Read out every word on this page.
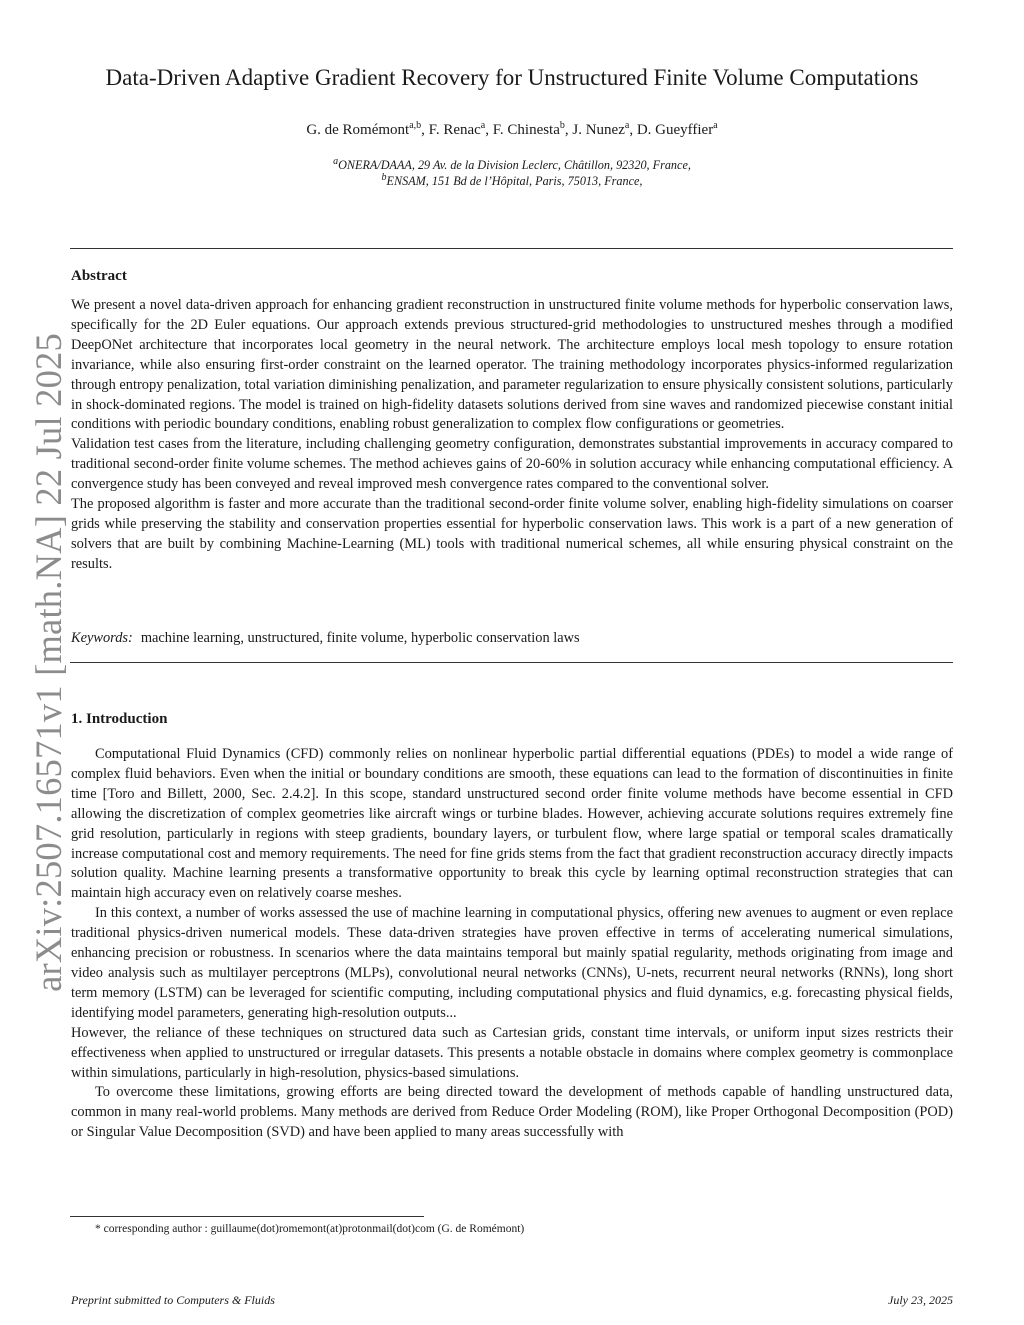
arXiv:2507.16571v1 [math.NA] 22 Jul 2025
Data-Driven Adaptive Gradient Recovery for Unstructured Finite Volume Computations
G. de Romémont$^{a,b}$, F. Renac$^a$, F. Chinesta$^b$, J. Nunez$^a$, D. Gueyffier$^a$
$^a$ONERA/DAAA, 29 Av. de la Division Leclerc, Châtillon, 92320, France,
$^b$ENSAM, 151 Bd de l’Hôpital, Paris, 75013, France,
Abstract

We present a novel data-driven approach for enhancing gradient reconstruction in unstructured finite volume methods for hyperbolic conservation laws, specifically for the 2D Euler equations. Our approach extends previous structured-grid methodologies to unstructured meshes through a modified DeepONet architecture that incorporates local geometry in the neural network. The architecture employs local mesh topology to ensure rotation invariance, while also ensuring first-order constraint on the learned operator. The training methodology incorporates physics-informed regularization through entropy penalization, total variation diminishing penalization, and parameter regularization to ensure physically consistent solutions, particularly in shock-dominated regions. The model is trained on high-fidelity datasets solutions derived from sine waves and randomized piecewise constant initial conditions with periodic boundary conditions, enabling robust generalization to complex flow configurations or geometries.

Validation test cases from the literature, including challenging geometry configuration, demonstrates substantial improvements in accuracy compared to traditional second-order finite volume schemes. The method achieves gains of 20-60% in solution accuracy while enhancing computational efficiency. A convergence study has been conveyed and reveal improved mesh convergence rates compared to the conventional solver.

The proposed algorithm is faster and more accurate than the traditional second-order finite volume solver, enabling high-fidelity simulations on coarser grids while preserving the stability and conservation properties essential for hyperbolic conservation laws. This work is a part of a new generation of solvers that are built by combining Machine-Learning (ML) tools with traditional numerical schemes, all while ensuring physical constraint on the results.

Keywords: machine learning, unstructured, finite volume, hyperbolic conservation laws
1. Introduction

Computational Fluid Dynamics (CFD) commonly relies on nonlinear hyperbolic partial differential equations (PDEs) to model a wide range of complex fluid behaviors. Even when the initial or boundary conditions are smooth, these equations can lead to the formation of discontinuities in finite time [Toro and Billett, 2000, Sec. 2.4.2]. In this scope, standard unstructured second order finite volume methods have become essential in CFD allowing the discretization of complex geometries like aircraft wings or turbine blades. However, achieving accurate solutions requires extremely fine grid resolution, particularly in regions with steep gradients, boundary layers, or turbulent flow, where large spatial or temporal scales dramatically increase computational cost and memory requirements. The need for fine grids stems from the fact that gradient reconstruction accuracy directly impacts solution quality. Machine learning presents a transformative opportunity to break this cycle by learning optimal reconstruction strategies that can maintain high accuracy even on relatively coarse meshes.

In this context, a number of works assessed the use of machine learning in computational physics, offering new avenues to augment or even replace traditional physics-driven numerical models. These data-driven strategies have proven effective in terms of accelerating numerical simulations, enhancing precision or robustness. In scenarios where the data maintains temporal but mainly spatial regularity, methods originating from image and video analysis such as multilayer perceptrons (MLPs), convolutional neural networks (CNNs), U-nets, recurrent neural networks (RNNs), long short term memory (LSTM) can be leveraged for scientific computing, including computational physics and fluid dynamics, e.g. forecasting physical fields, identifying model parameters, generating high-resolution outputs...

However, the reliance of these techniques on structured data such as Cartesian grids, constant time intervals, or uniform input sizes restricts their effectiveness when applied to unstructured or irregular datasets. This presents a notable obstacle in domains where complex geometry is commonplace within simulations, particularly in high-resolution, physics-based simulations.

To overcome these limitations, growing efforts are being directed toward the development of methods capable of handling unstructured data, common in many real-world problems. Many methods are derived from Reduce Order Modeling (ROM), like Proper Orthogonal Decomposition (POD) or Singular Value Decomposition (SVD) and have been applied to many areas successfully with

* corresponding author : guillaume(dot)romemont(at)protonmail(dot)com (G. de Romémont)
Preprint submitted to Computers & Fluids	July 23, 2025
